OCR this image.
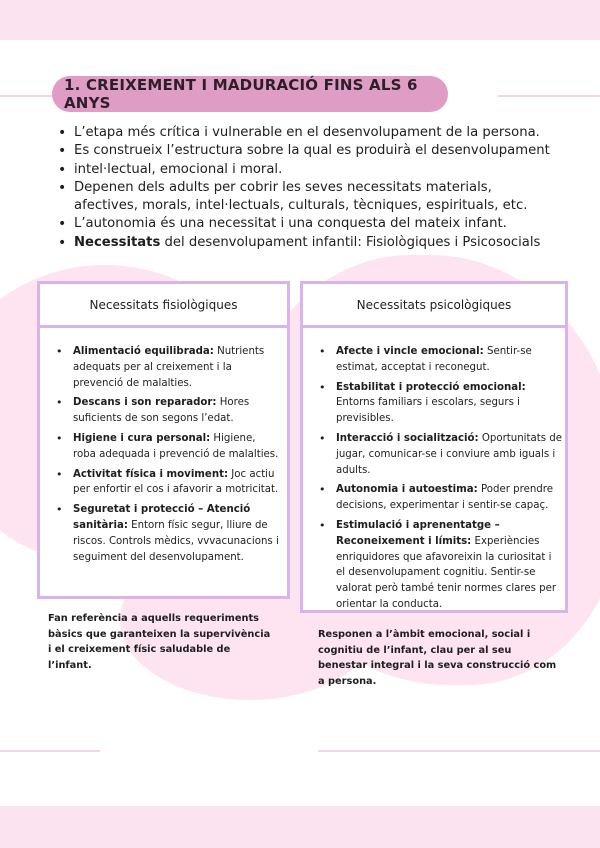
1. CREIXEMENT I MADURACIÓ FINS ALS 6 ANYS
• L’etapa més crítica i vulnerable en el desenvolupament de la persona.
• Es construeix l’estructura sobre la qual es produirà el desenvolupament
• intel·lectual, emocional i moral.
• Depenen dels adults per cobrir les seves necessitats materials,
afectives, morals, intel·lectuals, culturals, tècniques, espirituals, etc.
• L’autonomia és una necessitat i una conquesta del mateix infant.
• Necessitats del desenvolupament infantil: Fisiològiques i Psicosocials
Necessitats fisiològiques
• Alimentació equilibrada: Nutrients adequats per al creixement i la prevenció de malalties.
• Descans i son reparador: Hores suficients de son segons l’edat.
• Higiene i cura personal: Higiene, roba adequada i prevenció de malalties.
• Activitat física i moviment: Joc actiu per enfortir el cos i afavorir a motricitat.
• Seguretat i protecció – Atenció sanitària: Entorn físic segur, lliure de riscos. Controls mèdics, vvvacunacions i seguiment del desenvolupament.
Necessitats psicològiques
• Afecte i vincle emocional: Sentir-se estimat, acceptat i reconegut.
• Estabilitat i protecció emocional: Entorns familiars i escolars, segurs i previsibles.
• Interacció i socialització: Oportunitats de jugar, comunicar-se i conviure amb iguals i adults.
• Autonomia i autoestima: Poder prendre decisions, experimentar i sentir-se capaç.
• Estimulació i aprenentatge – Reconeixement i límits: Experiències enriquidores que afavoreixin la curiositat i el desenvolupament cognitiu. Sentir-se valorat però també tenir normes clares per orientar la conducta.
Fan referència a aquells requeriments bàsics que garanteixen la supervivència i el creixement físic saludable de l’infant.
Responen a l’àmbit emocional, social i cognitiu de l’infant, clau per al seu benestar integral i la seva construcció com a persona.
